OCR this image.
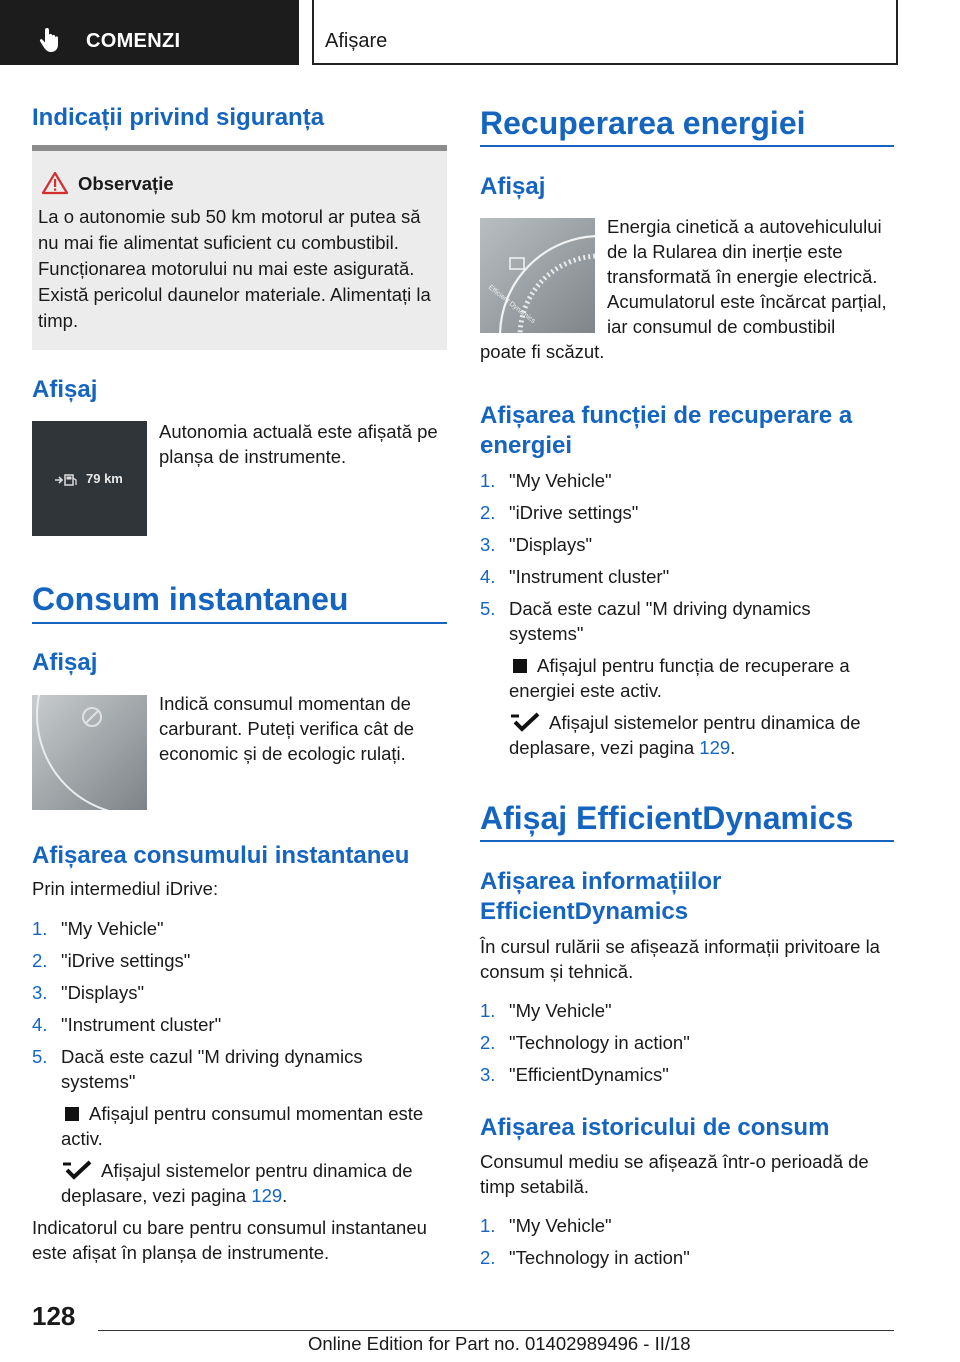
COMENZI	Afișare
Indicații privind siguranța
Observație
La o autonomie sub 50 km motorul ar putea să nu mai fie alimentat suficient cu combustibil. Funcționarea motorului nu mai este asigurată. Există pericolul daunelor materiale. Alimentați la timp.
Afișaj
79 km
Autonomia actuală este afișată pe planșa de instrumente.
Consum instantaneu
Afișaj
Indică consumul momentan de carburant. Puteți verifica cât de economic și de ecologic rulați.
Afișarea consumului instantaneu
Prin intermediul iDrive:
1. "My Vehicle"
2. "iDrive settings"
3. "Displays"
4. "Instrument cluster"
5. Dacă este cazul "M driving dynamics systems"
Afișajul pentru consumul momentan este activ.
Afișajul sistemelor pentru dinamica de deplasare, vezi pagina 129.
Indicatorul cu bare pentru consumul instantaneu este afișat în planșa de instrumente.
Recuperarea energiei
Afișaj
Efficient Dynamics
Energia cinetică a autovehiculului de la Rularea din inerție este transformată în energie electrică. Acumulatorul este încărcat parțial, iar consumul de combustibil
poate fi scăzut.
Afișarea funcției de recuperare a energiei
1. "My Vehicle"
2. "iDrive settings"
3. "Displays"
4. "Instrument cluster"
5. Dacă este cazul "M driving dynamics systems"
Afișajul pentru funcția de recuperare a energiei este activ.
Afișajul sistemelor pentru dinamica de deplasare, vezi pagina 129.
Afișaj EfficientDynamics
Afișarea informațiilor EfficientDynamics
În cursul rulării se afișează informații privitoare la consum și tehnică.
1. "My Vehicle"
2. "Technology in action"
3. "EfficientDynamics"
Afișarea istoricului de consum
Consumul mediu se afișează într-o perioadă de timp setabilă.
1. "My Vehicle"
2. "Technology in action"
128
Online Edition for Part no. 01402989496 - II/18
